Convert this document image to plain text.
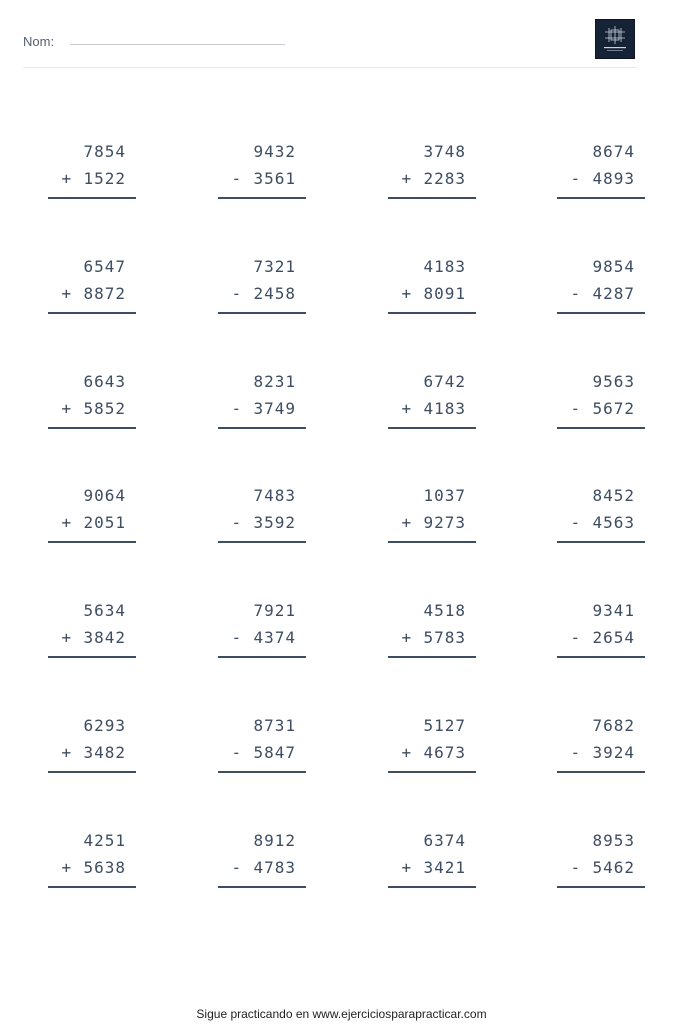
Nom:
7854
+ 1522
9432
- 3561
3748
+ 2283
8674
- 4893
6547
+ 8872
7321
- 2458
4183
+ 8091
9854
- 4287
6643
+ 5852
8231
- 3749
6742
+ 4183
9563
- 5672
9064
+ 2051
7483
- 3592
1037
+ 9273
8452
- 4563
5634
+ 3842
7921
- 4374
4518
+ 5783
9341
- 2654
6293
+ 3482
8731
- 5847
5127
+ 4673
7682
- 3924
4251
+ 5638
8912
- 4783
6374
+ 3421
8953
- 5462
Sigue practicando en www.ejerciciosparapracticar.com
